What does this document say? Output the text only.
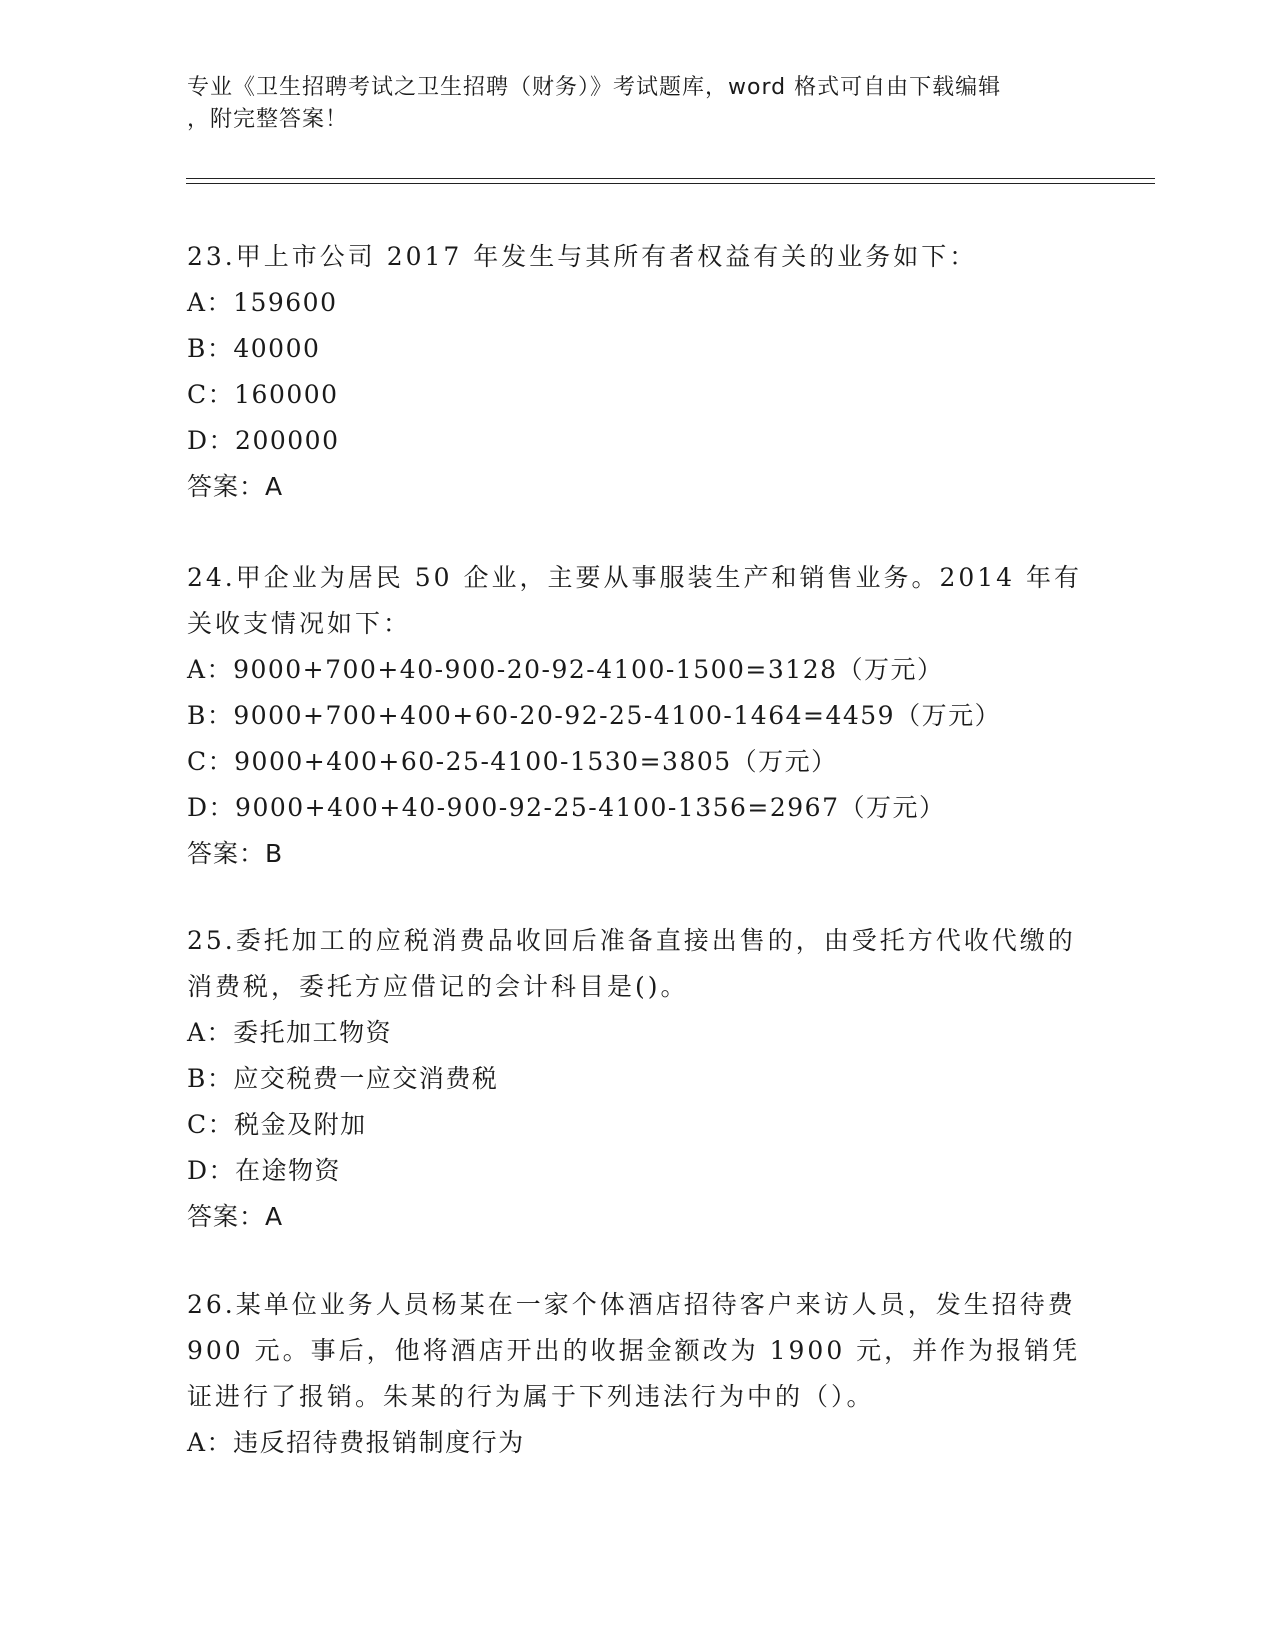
专业《卫生招聘考试之卫生招聘（财务）》考试题库，word 格式可自由下载编辑
，附完整答案！
23.甲上市公司 2017 年发生与其所有者权益有关的业务如下：
A：159600
B：40000
C：160000
D：200000
答案：A
24.甲企业为居民 50 企业，主要从事服装生产和销售业务。2014 年有关收支情况如下：
A：9000+700+40-900-20-92-4100-1500=3128（万元）
B：9000+700+400+60-20-92-25-4100-1464=4459（万元）
C：9000+400+60-25-4100-1530=3805（万元）
D：9000+400+40-900-92-25-4100-1356=2967（万元）
答案：B
25.委托加工的应税消费品收回后准备直接出售的，由受托方代收代缴的消费税，委托方应借记的会计科目是()。
A：委托加工物资
B：应交税费一应交消费税
C：税金及附加
D：在途物资
答案：A
26.某单位业务人员杨某在一家个体酒店招待客户来访人员，发生招待费 900 元。事后，他将酒店开出的收据金额改为 1900 元，并作为报销凭证进行了报销。朱某的行为属于下列违法行为中的（）。
A：违反招待费报销制度行为
